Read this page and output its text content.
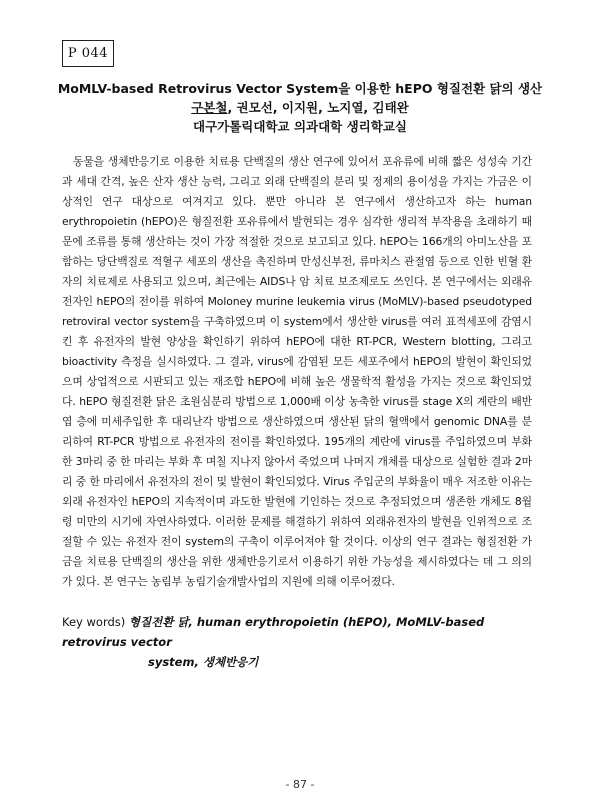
P 044
MoMLV-based Retrovirus Vector System을 이용한 hEPO 형질전환 닭의 생산
구본철, 권모선, 이지원, 노지열, 김태완
대구가톨릭대학교 의과대학 생리학교실

동물을 생체반응기로 이용한 치료용 단백질의 생산 연구에 있어서 포유류에 비해 짧은 성성숙 기간과 세대 간격, 높은 산자 생산 능력, 그리고 외래 단백질의 분리 및 정제의 용이성을 가지는 가금은 이상적인 연구 대상으로 여겨지고 있다. 뿐만 아니라 본 연구에서 생산하고자 하는 human erythropoietin (hEPO)은 형질전환 포유류에서 발현되는 경우 심각한 생리적 부작용을 초래하기 때문에 조류를 통해 생산하는 것이 가장 적절한 것으로 보고되고 있다. hEPO는 166개의 아미노산을 포함하는 당단백질로 적혈구 세포의 생산을 촉진하며 만성신부전, 류마치스 관절염 등으로 인한 빈혈 환자의 치료제로 사용되고 있으며, 최근에는 AIDS나 암 치료 보조제로도 쓰인다. 본 연구에서는 외래유전자인 hEPO의 전이를 위하여 Moloney murine leukemia virus (MoMLV)-based pseudotyped retroviral vector system을 구축하였으며 이 system에서 생산한 virus를 여러 표적세포에 감염시킨 후 유전자의 발현 양상을 확인하기 위하여 hEPO에 대한 RT-PCR, Western blotting, 그리고 bioactivity 측정을 실시하였다. 그 결과, virus에 감염된 모든 세포주에서 hEPO의 발현이 확인되었으며 상업적으로 시판되고 있는 재조합 hEPO에 비해 높은 생물학적 활성을 가지는 것으로 확인되었다. hEPO 형질전환 닭은 초원심분리 방법으로 1,000배 이상 농축한 virus를 stage X의 계란의 배반엽 층에 미세주입한 후 대리난각 방법으로 생산하였으며 생산된 닭의 혈액에서 genomic DNA를 분리하여 RT-PCR 방법으로 유전자의 전이를 확인하였다. 195개의 계란에 virus를 주입하였으며 부화한 3마리 중 한 마리는 부화 후 며칠 지나지 않아서 죽었으며 나머지 개체를 대상으로 실험한 결과 2마리 중 한 마리에서 유전자의 전이 및 발현이 확인되었다. Virus 주입군의 부화율이 매우 저조한 이유는 외래 유전자인 hEPO의 지속적이며 과도한 발현에 기인하는 것으로 추정되었으며 생존한 개체도 8월령 미만의 시기에 자연사하였다. 이러한 문제를 해결하기 위하여 외래유전자의 발현을 인위적으로 조절할 수 있는 유전자 전이 system의 구축이 이루어져야 할 것이다. 이상의 연구 결과는 형질전환 가금을 치료용 단백질의 생산을 위한 생체반응기로서 이용하기 위한 가능성을 제시하였다는 데 그 의의가 있다. 본 연구는 농림부 농림기술개발사업의 지원에 의해 이루어졌다.

Key words) 형질전환 닭, human erythropoietin (hEPO), MoMLV-based retrovirus vector
system, 생체반응기

- 87 -
